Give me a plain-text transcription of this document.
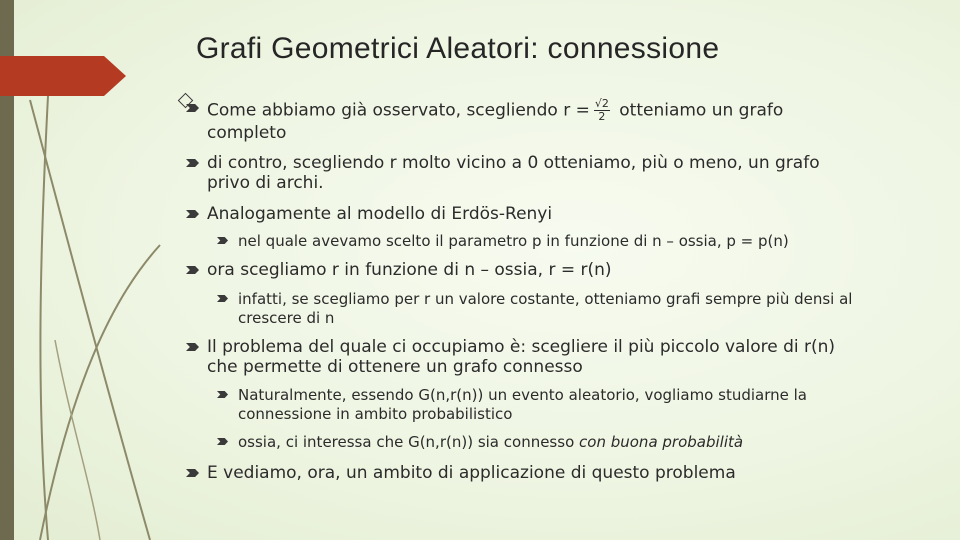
Grafi Geometrici Aleatori: connessione
Come abbiamo già osservato, scegliendo $r = \frac{√2}{2}$ otteniamo un grafo
completo
di contro, scegliendo r molto vicino a 0 otteniamo, più o meno, un grafo
privo di archi.
Analogamente al modello di Erdös-Renyi
nel quale avevamo scelto il parametro p in funzione di n – ossia, p = p(n)
ora scegliamo r in funzione di n – ossia, r = r(n)
infatti, se scegliamo per r un valore costante, otteniamo grafi sempre più densi al
crescere di n
Il problema del quale ci occupiamo è: scegliere il più piccolo valore di r(n)
che permette di ottenere un grafo connesso
Naturalmente, essendo G(n,r(n)) un evento aleatorio, vogliamo studiarne la
connessione in ambito probabilistico
ossia, ci interessa che G(n,r(n)) sia connesso con buona probabilità
E vediamo, ora, un ambito di applicazione di questo problema
